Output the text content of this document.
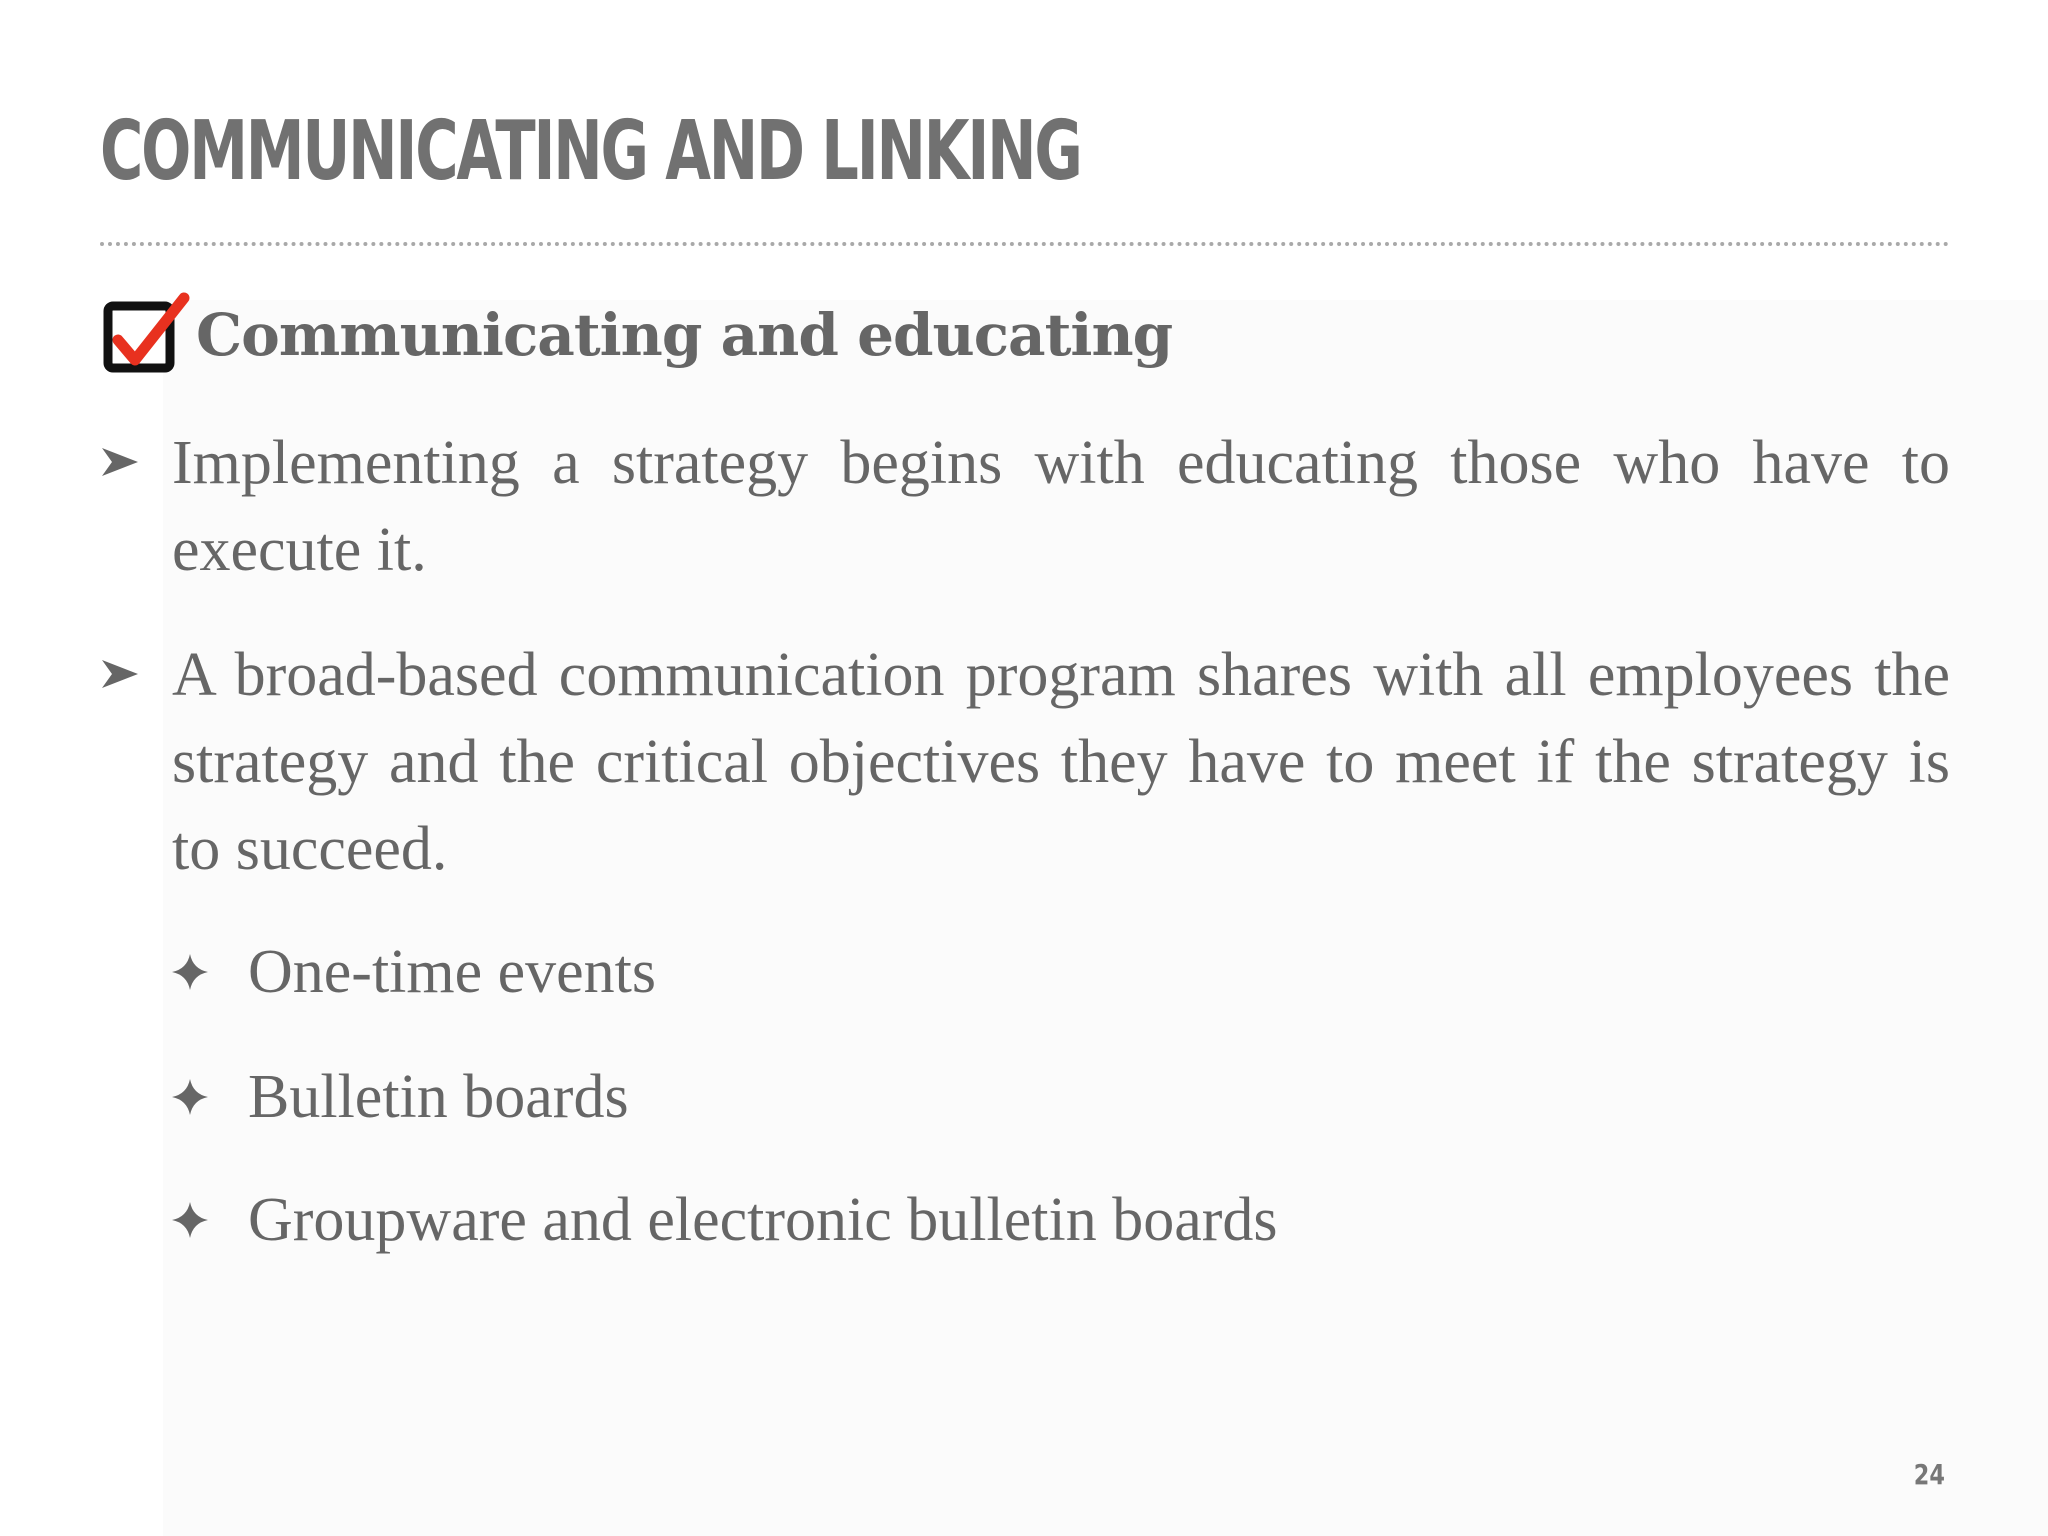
COMMUNICATING AND LINKING
Communicating and educating

Implementing a strategy begins with educating those who have to execute it.

A broad-based communication program shares with all employees the strategy and the critical objectives they have to meet if the strategy is to succeed.

One-time events
Bulletin boards
Groupware and electronic bulletin boards
24
